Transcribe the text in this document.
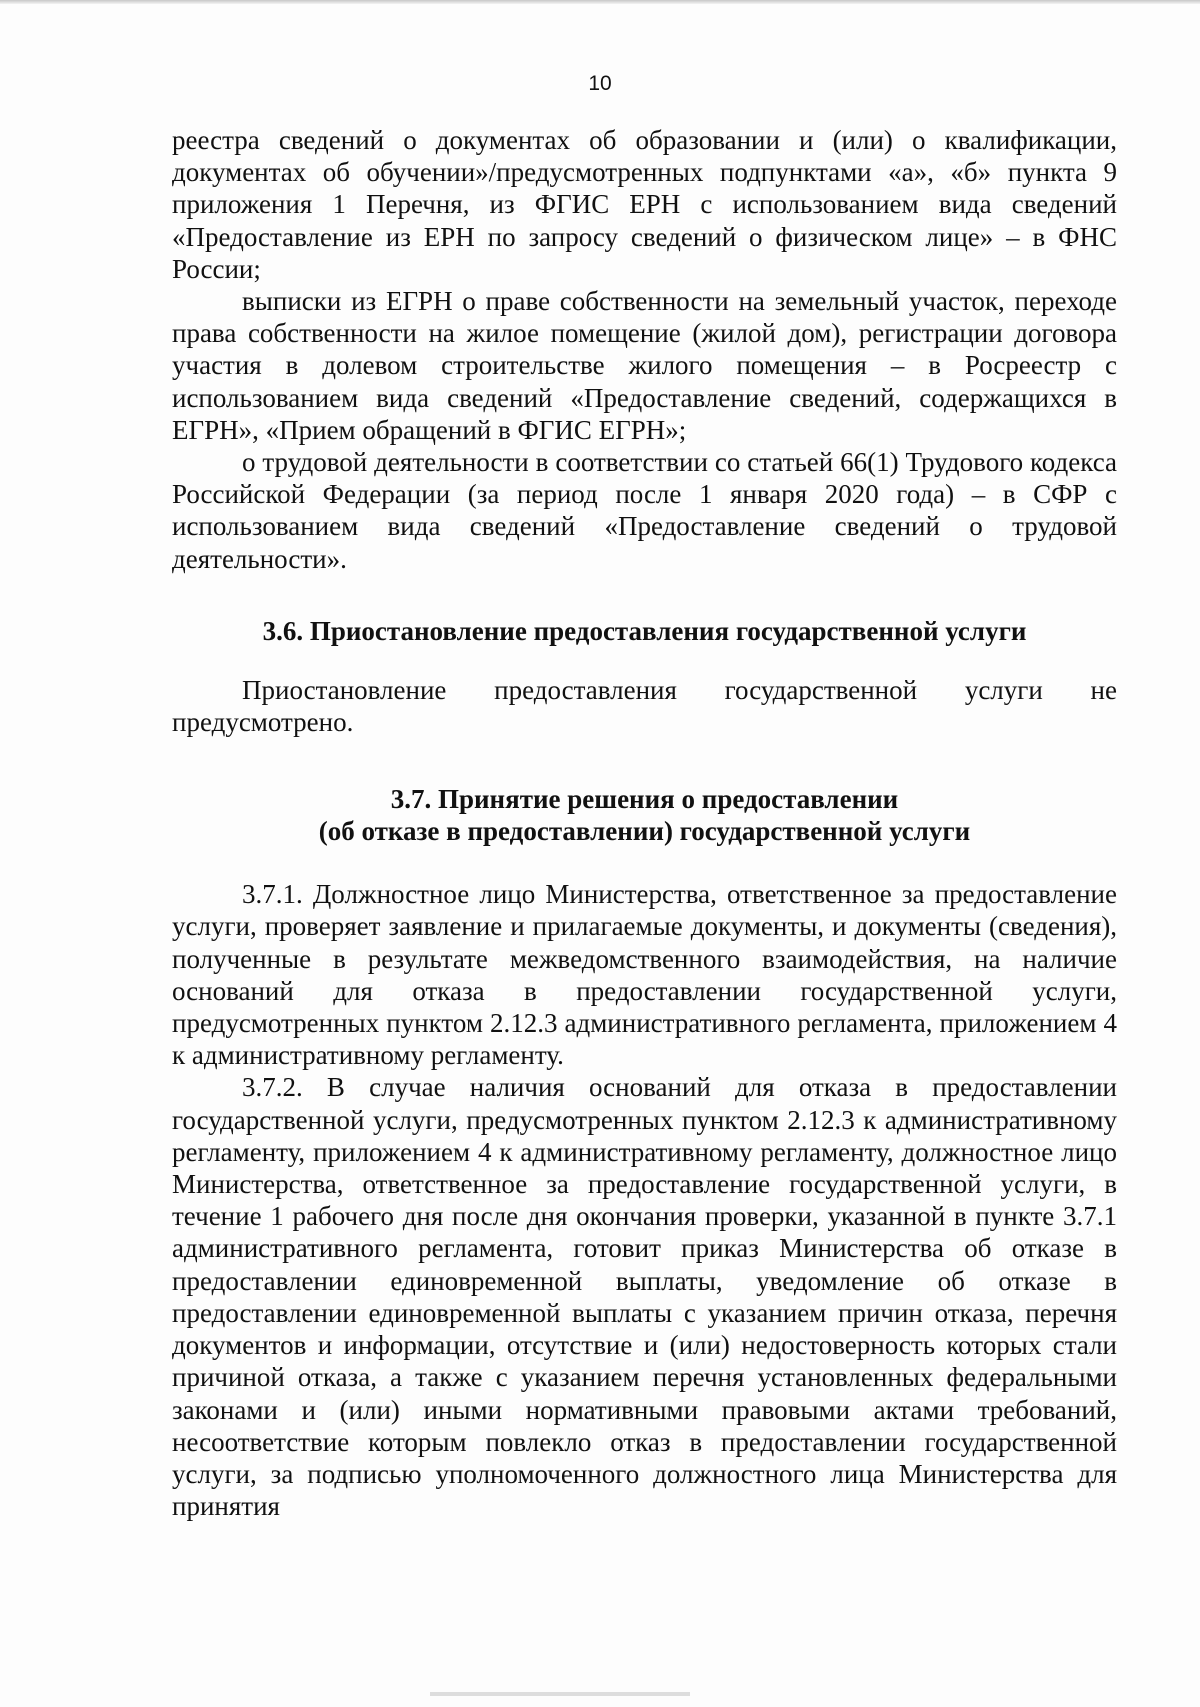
10

реестра сведений о документах об образовании и (или) о квалификации, документах об обучении»/предусмотренных подпунктами «а», «б» пункта 9 приложения 1 Перечня, из ФГИС ЕРН с использованием вида сведений «Предоставление из ЕРН по запросу сведений о физическом лице» – в ФНС России;

выписки из ЕГРН о праве собственности на земельный участок, переходе права собственности на жилое помещение (жилой дом), регистрации договора участия в долевом строительстве жилого помещения – в Росреестр с использованием вида сведений «Предоставление сведений, содержащихся в ЕГРН», «Прием обращений в ФГИС ЕГРН»;

о трудовой деятельности в соответствии со статьей 66(1) Трудового кодекса Российской Федерации (за период после 1 января 2020 года) – в СФР с использованием вида сведений «Предоставление сведений о трудовой деятельности».

3.6. Приостановление предоставления государственной услуги

Приостановление предоставления государственной услуги не предусмотрено.

3.7. Принятие решения о предоставлении

(об отказе в предоставлении) государственной услуги

3.7.1. Должностное лицо Министерства, ответственное за предоставление услуги, проверяет заявление и прилагаемые документы, и документы (сведения), полученные в результате межведомственного взаимодействия, на наличие оснований для отказа в предоставлении государственной услуги, предусмотренных пунктом 2.12.3 административного регламента, приложением 4 к административному регламенту.

3.7.2. В случае наличия оснований для отказа в предоставлении государственной услуги, предусмотренных пунктом 2.12.3 к административному регламенту, приложением 4 к административному регламенту, должностное лицо Министерства, ответственное за предоставление государственной услуги, в течение 1 рабочего дня после дня окончания проверки, указанной в пункте 3.7.1 административного регламента, готовит приказ Министерства об отказе в предоставлении единовременной выплаты, уведомление об отказе в предоставлении единовременной выплаты с указанием причин отказа, перечня документов и информации, отсутствие и (или) недостоверность которых стали причиной отказа, а также с указанием перечня установленных федеральными законами и (или) иными нормативными правовыми актами требований, несоответствие которым повлекло отказ в предоставлении государственной услуги, за подписью уполномоченного должностного лица Министерства для принятия
